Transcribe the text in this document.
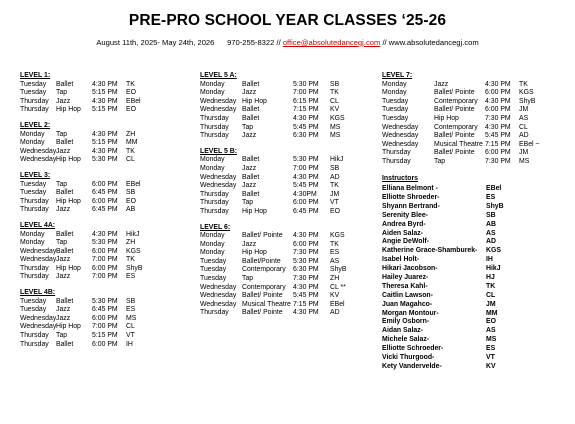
PRE-PRO SCHOOL YEAR CLASSES ‘25-26
August 11th, 2025- May 24th, 2026 970-255-8322 // office@absolutedancegj.com // www.absolutedancegj.com
LEVEL 1:
Tuesday Ballet	4:30 PM TK
Tuesday Tap	5:15 PM EO
Thursday Jazz	4:30 PM EBel
Thursday Hip Hop 5:15 PM EO
LEVEL 2:
Monday Tap	4:30 PM ZH
Monday Ballet	5:15 PM MM
Wednesday Jazz	4:30 PM TK
Wednesday Hip Hop 5:30 PM CL
LEVEL 3:
Tuesday Tap	6:00 PM EBel
Tuesday Ballet	6:45 PM SB
Thursday Hip Hop 6:00 PM EO
Thursday Jazz	6:45 PM AB
LEVEL 4A:
Monday Ballet	4:30 PM HikJ
Monday Tap	5:30 PM ZH
Wednesday Ballet	6:00 PM KGS
Wednesday Jazz	7:00 PM TK
Thursday Hip Hop 6:00 PM ShyB
Thursday Jazz	7:00 PM ES
LEVEL 4B:
Tuesday Ballet	5:30 PM SB
Tuesday Jazz	6:45 PM ES
Wednesday Jazz	6:00 PM MS
Wednesday Hip Hop 7:00 PM CL
Thursday Tap	5:15 PM VT
Thursday Ballet	6:00 PM IH
LEVEL 5 A:
Monday	Ballet	5:30 PM SB
Monday	Jazz	7:00 PM TK
Wednesday Hip Hop	6:15 PM CL
Wednesday Ballet	7:15 PM KV
Thursday Ballet	4:30 PM KGS
Thursday Tap	5:45 PM MS
Thursday Jazz	6:30 PM MS
LEVEL 5 B:
Monday	Ballet	5:30 PM HikJ
Monday	Jazz	7:00 PM SB
Wednesday Ballet	4:30 PM AD
Wednesday Jazz	5:45 PM TK
Thursday Ballet	4:30PM JM
Thursday Tap	6:00 PM VT
Thursday Hip Hop	6:45 PM EO
LEVEL 6:
Monday	Ballet/ Pointe 4:30 PM KGS
Monday	Jazz	6:00 PM TK
Monday	Hip Hop	7:30 PM ES
Tuesday Ballet/Pointe 5:30 PM AS
Tuesday Contemporary 6:30 PM ShyB
Tuesday Tap	7:30 PM ZH
Wednesday Contemporary 4:30 PM CL **
Wednesday Ballet/ Pointe 5:45 PM KV
Wednesday Musical Theatre 7:15 PM EBel
Thursday Ballet/ Pointe 4:30 PM AD
LEVEL 7:
Monday	Jazz	4:30 PM TK
Monday	Ballet/ Pointe 6:00 PM KGS
Tuesday	Contemporary 4:30 PM ShyB
Tuesday	Ballet/ Pointe 6:00 PM JM
Tuesday	Hip Hop	7:30 PM AS
Wednesday Contemporary 4:30 PM CL
Wednesday Ballet/ Pointe 5:45 PM AD
Wednesday Musical Theatre 7:15 PM EBel ~
Thursday	Ballet/ Pointe 6:00 PM JM
Thursday	Tap	7:30 PM MS
Instructors
Elliana Belmont -	EBel
Elliotte Shroeder-	ES
Shyann Bertrand-	ShyB
Serenity Blee-	SB
Andrea Byrd-	AB
Aiden Salaz-	AS
Angie DeWolf-	AD
Katherine Grace-Shamburek- KGS
Isabel Holt-	IH
Hikari Jacobson-	HikJ
Hailey Juarez-	HJ
Theresa Kahl-	TK
Caitlin Lawson-	CL
Juan Magahco-	JM
Morgan Montour-	MM
Emily Osborn-	EO
Aidan Salaz-	AS
Michele Salaz-	MS
Elliotte Schroeder-	ES
Vicki Thurgood-	VT
Kety Vandervelde-	KV
